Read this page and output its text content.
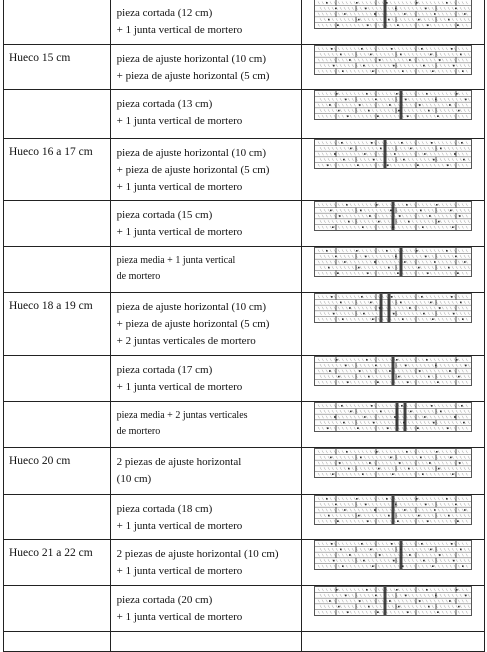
	pieza cortada (12 cm)
+ 1 junta vertical de mortero

Hueco 15 cm	pieza de ajuste horizontal (10 cm)
+ pieza de ajuste horizontal (5 cm)

	pieza cortada (13 cm)
+ 1 junta vertical de mortero

Hueco 16 a 17 cm	pieza de ajuste horizontal (10 cm)
+ pieza de ajuste horizontal (5 cm)
+ 1 junta vertical de mortero

	pieza cortada (15 cm)
+ 1 junta vertical de mortero

	pieza media + 1 junta vertical
de mortero

Hueco 18 a 19 cm	pieza de ajuste horizontal (10 cm)
+ pieza de ajuste horizontal (5 cm)
+ 2 juntas verticales de mortero

	pieza cortada (17 cm)
+ 1 junta vertical de mortero

	pieza media + 2 juntas verticales
de mortero

Hueco 20 cm	2 piezas de ajuste horizontal
(10 cm)

	pieza cortada (18 cm)
+ 1 junta vertical de mortero

Hueco 21 a 22 cm	2 piezas de ajuste horizontal (10 cm)
+ 1 junta vertical de mortero

	pieza cortada (20 cm)
+ 1 junta vertical de mortero
